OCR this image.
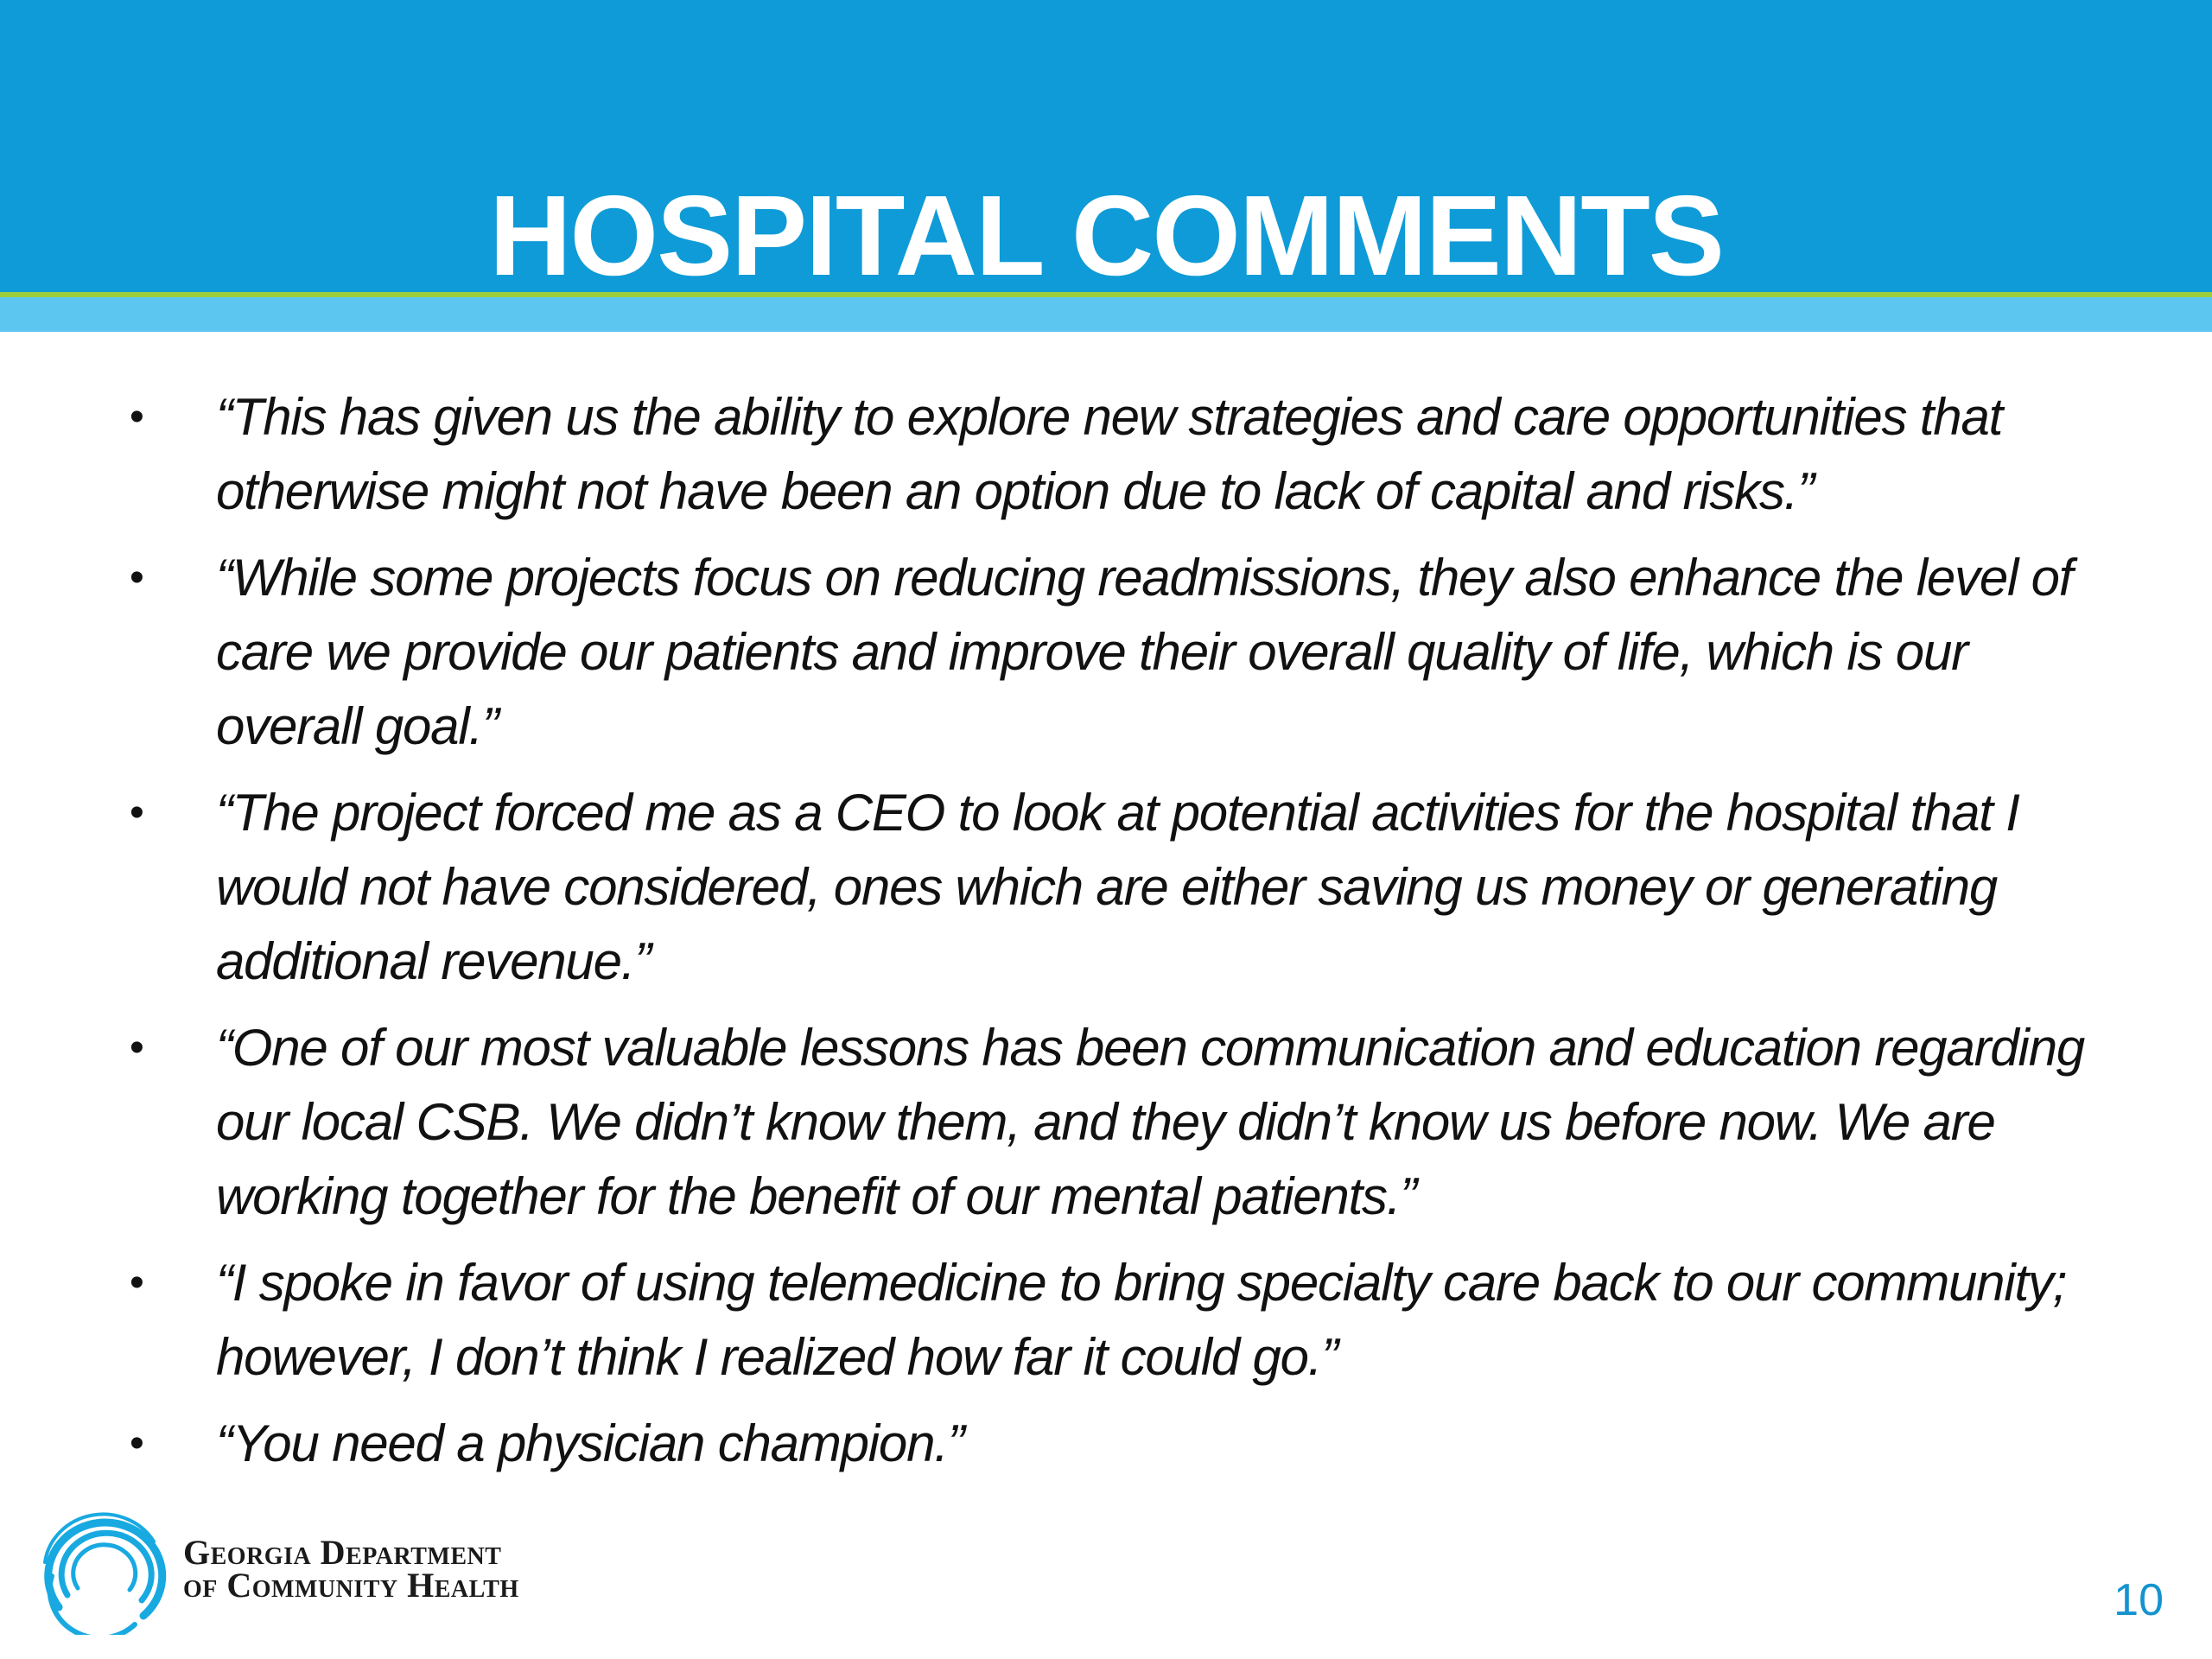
HOSPITAL COMMENTS
• “This has given us the ability to explore new strategies and care opportunities that otherwise might not have been an option due to lack of capital and risks.”
• “While some projects focus on reducing readmissions, they also enhance the level of care we provide our patients and improve their overall quality of life, which is our overall goal.”
• “The project forced me as a CEO to look at potential activities for the hospital that I would not have considered, ones which are either saving us money or generating additional revenue.”
• “One of our most valuable lessons has been communication and education regarding our local CSB. We didn’t know them, and they didn’t know us before now. We are working together for the benefit of our mental patients.”
• “I spoke in favor of using telemedicine to bring specialty care back to our community; however, I don’t think I realized how far it could go.”
• “You need a physician champion.”
Georgia Department
of Community Health	10
